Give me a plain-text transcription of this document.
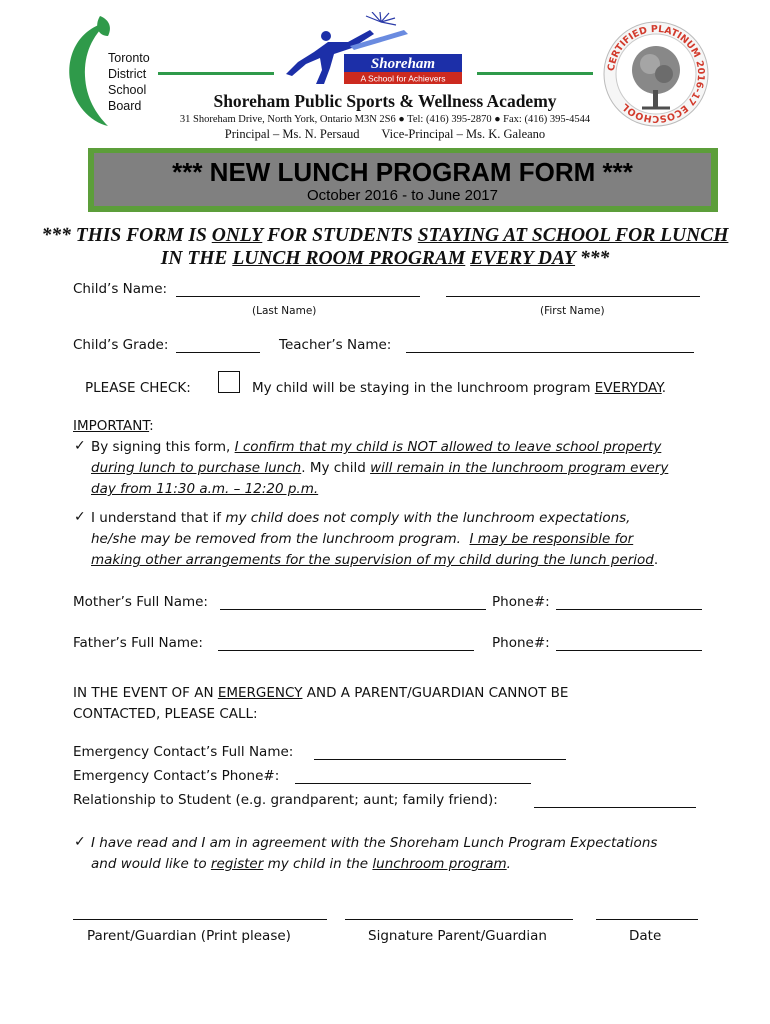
Toronto
District
School
Board
Shoreham
A School for Achievers
CERTIFIED PLATINUM 2016-17 ECOSCHOOL
Shoreham Public Sports & Wellness Academy
31 Shoreham Drive, North York, Ontario M3N 2S6 ● Tel: (416) 395-2870 ● Fax: (416) 395-4544
Principal – Ms. N. Persaud Vice-Principal – Ms. K. Galeano
*** NEW LUNCH PROGRAM FORM ***
October 2016 - to June 2017
*** THIS FORM IS ONLY FOR STUDENTS STAYING AT SCHOOL FOR LUNCH
IN THE LUNCH ROOM PROGRAM EVERY DAY ***
Child’s Name:
(Last Name)	(First Name)
Child’s Grade:	Teacher’s Name:
PLEASE CHECK:	My child will be staying in the lunchroom program EVERYDAY.
IMPORTANT:
✓ By signing this form, I confirm that my child is NOT allowed to leave school property
during lunch to purchase lunch. My child will remain in the lunchroom program every
day from 11:30 a.m. – 12:20 p.m.
✓ I understand that if my child does not comply with the lunchroom expectations,
he/she may be removed from the lunchroom program. I may be responsible for
making other arrangements for the supervision of my child during the lunch period.
Mother’s Full Name:	Phone#:
Father’s Full Name:	Phone#:
IN THE EVENT OF AN EMERGENCY AND A PARENT/GUARDIAN CANNOT BE
CONTACTED, PLEASE CALL:
Emergency Contact’s Full Name:
Emergency Contact’s Phone#:
Relationship to Student (e.g. grandparent; aunt; family friend):
✓ I have read and I am in agreement with the Shoreham Lunch Program Expectations
and would like to register my child in the lunchroom program.
Parent/Guardian (Print please)	Signature Parent/Guardian	Date
